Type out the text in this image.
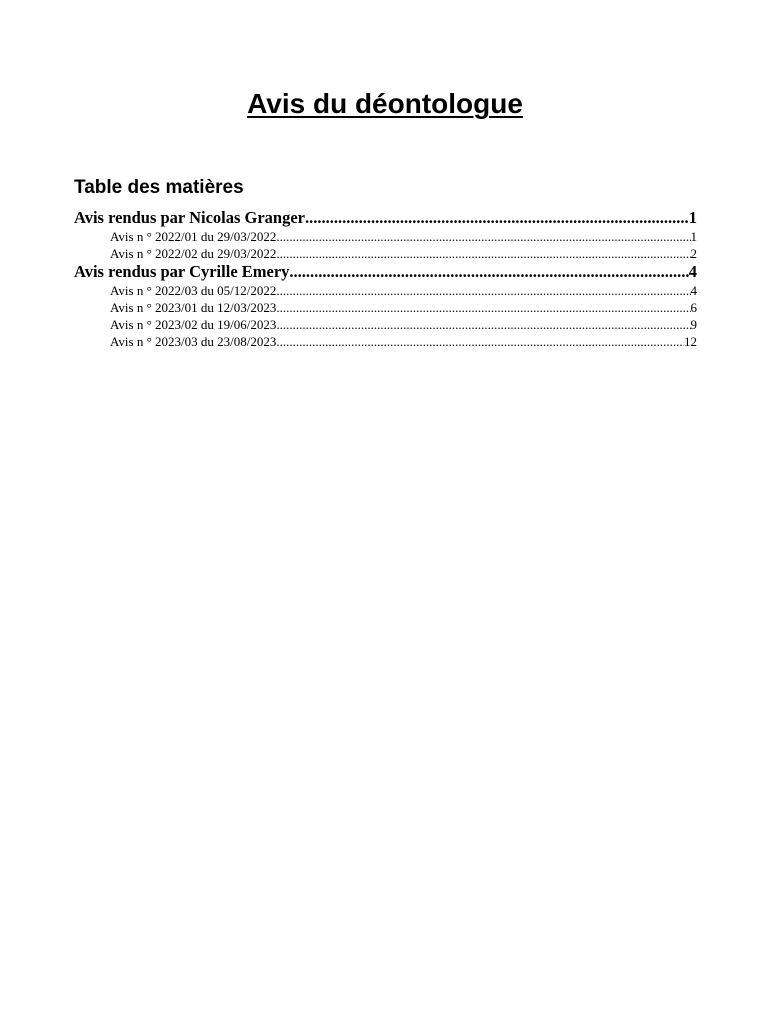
Avis du déontologue
Table des matières
Avis rendus par Nicolas Granger .....	1
Avis n ° 2022/01 du 29/03/2022 .....	1
Avis n ° 2022/02 du 29/03/2022 .....	2
Avis rendus par Cyrille Emery .....	4
Avis n ° 2022/03 du 05/12/2022 .....	4
Avis n ° 2023/01 du 12/03/2023 .....	6
Avis n ° 2023/02 du 19/06/2023 .....	9
Avis n ° 2023/03 du 23/08/2023 .....	12
